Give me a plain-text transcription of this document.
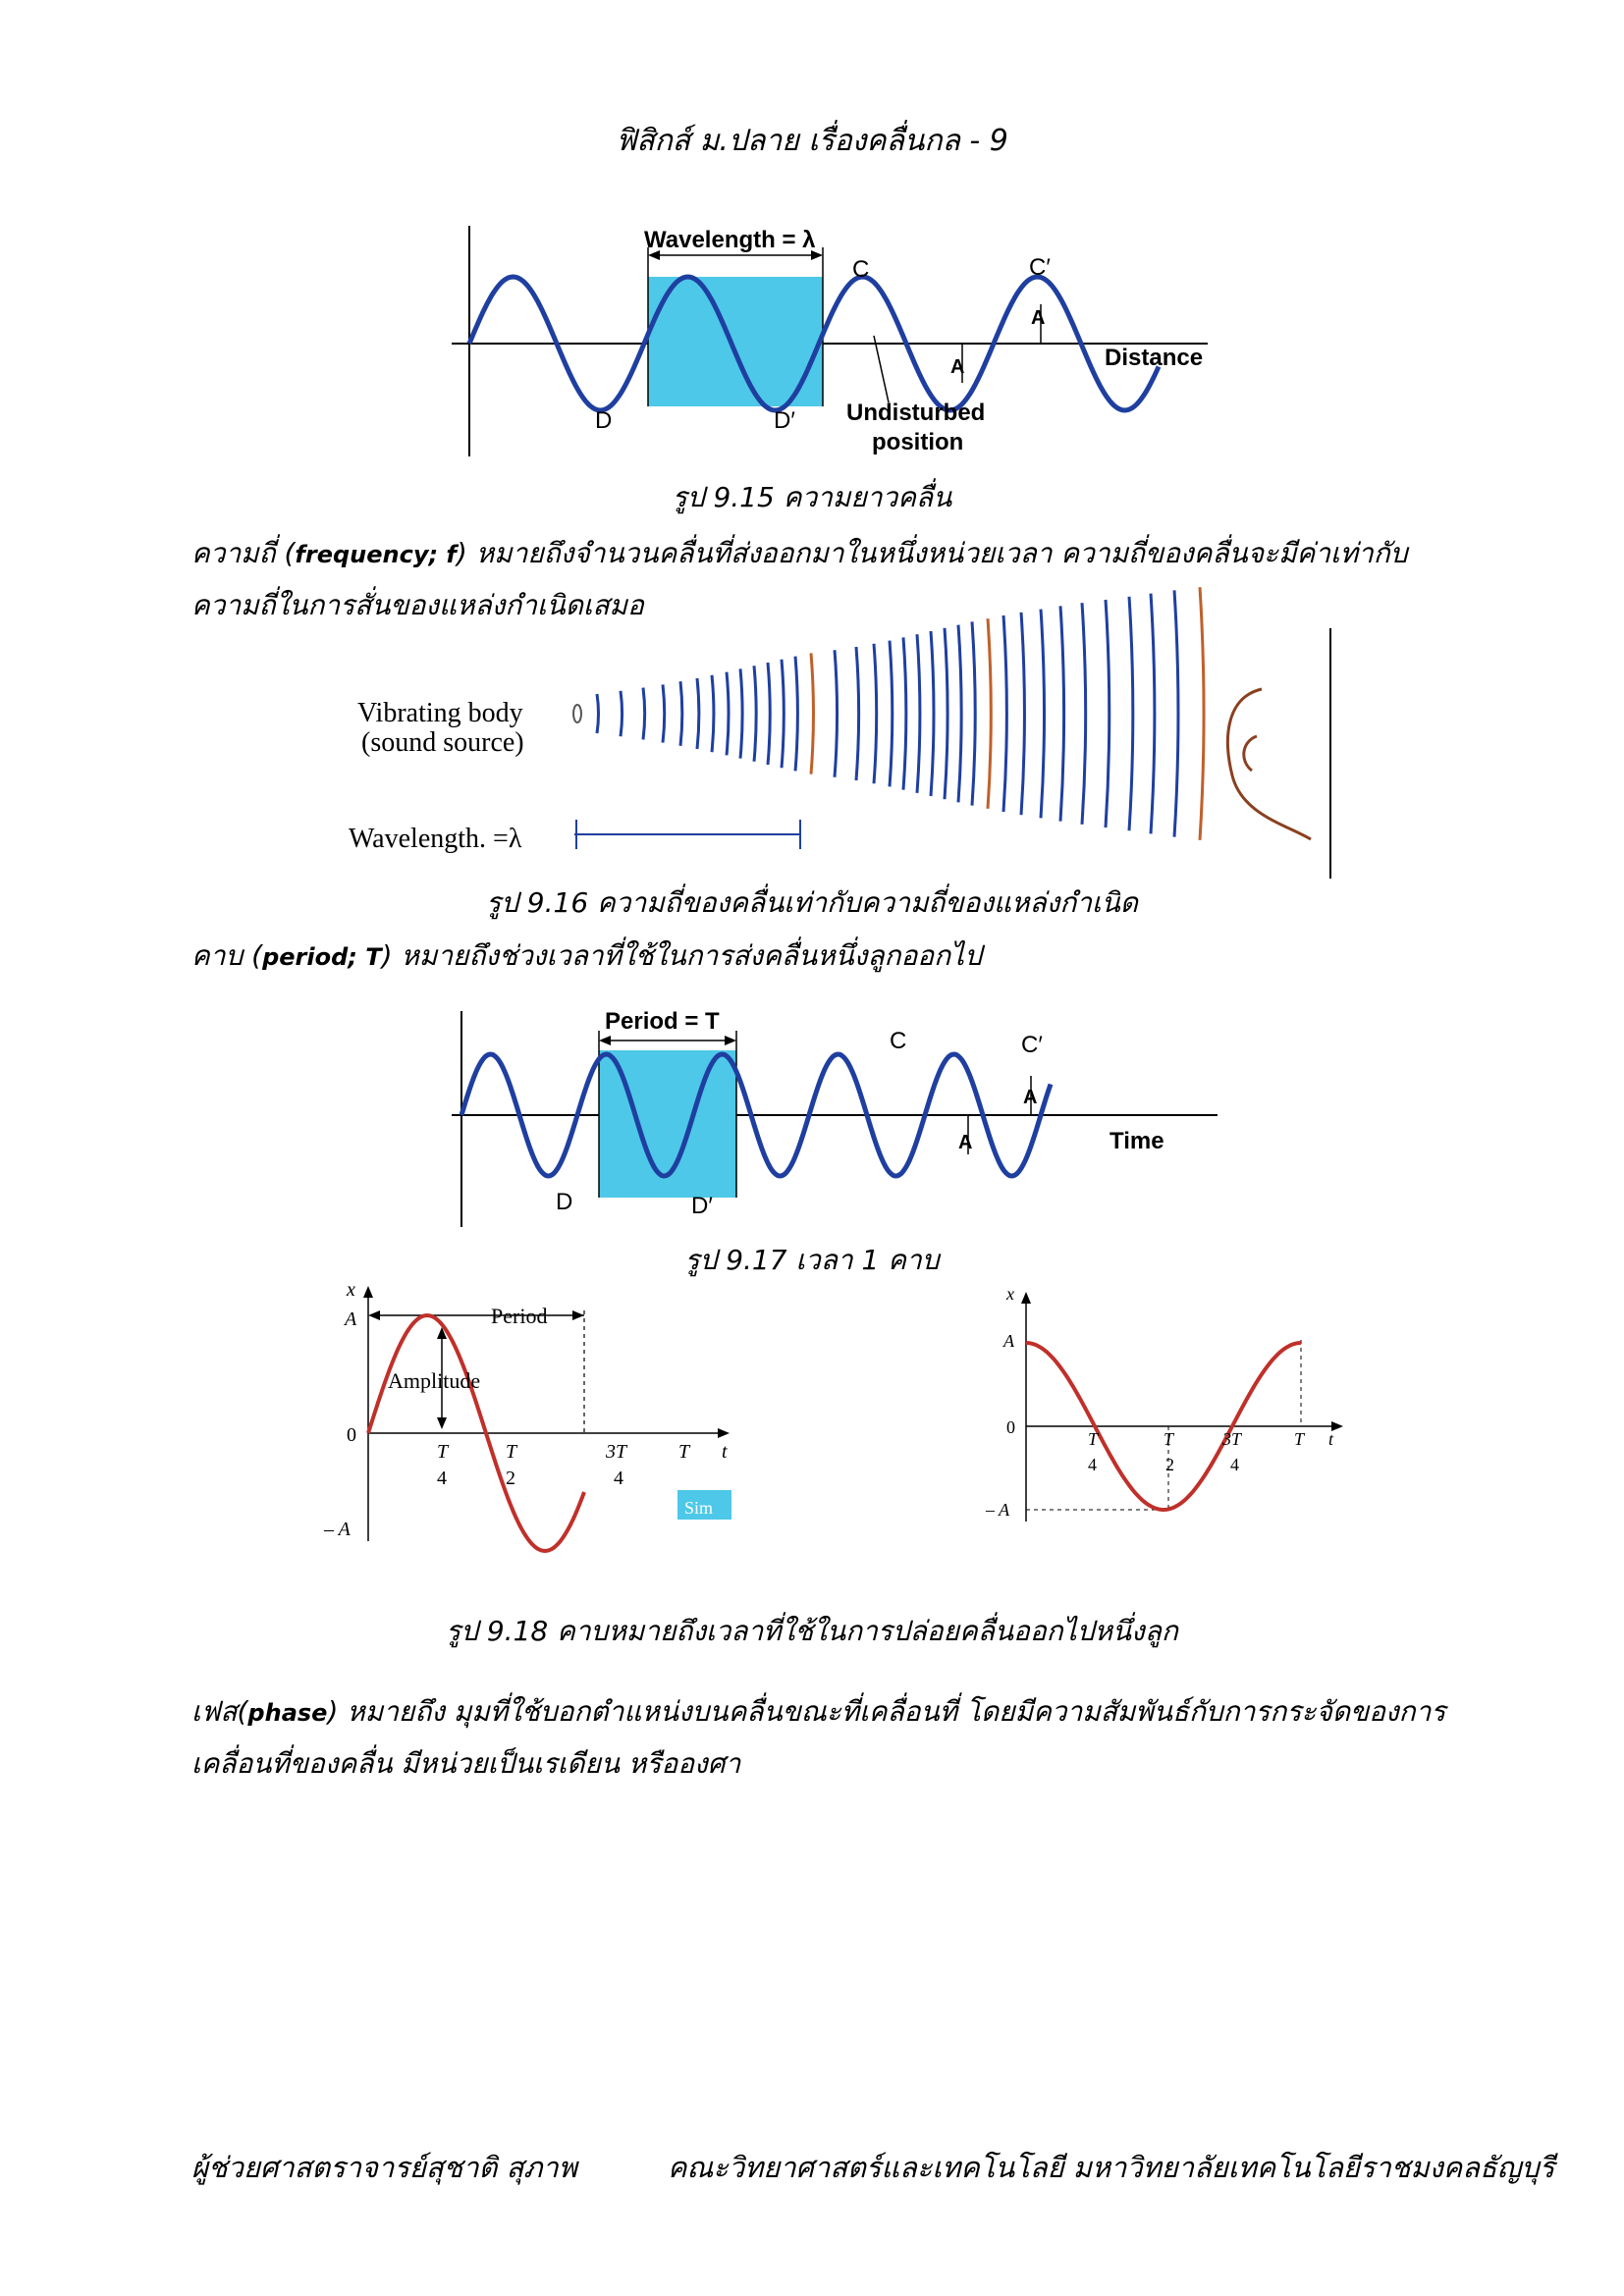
ฟิสิกส์ ม.ปลาย เรื่องคลื่นกล - 9
Wavelength = λ
C	C′
A
A
D	D′
Distance
Undisturbed
position
รูป 9.15 ความยาวคลื่น
ความถี่ (frequency; f) หมายถึงจำนวนคลื่นที่ส่งออกมาในหนึ่งหน่วยเวลา ความถี่ของคลื่นจะมีค่าเท่ากับความถี่ในการสั่นของแหล่งกำเนิดเสมอ
Vibrating body
(sound source)
Wavelength. =λ
รูป 9.16 ความถี่ของคลื่นเท่ากับความถี่ของแหล่งกำเนิด
คาบ (period; T) หมายถึงช่วงเวลาที่ใช้ในการส่งคลื่นหนึ่งลูกออกไป
Period = T
C	C′
A
A
D	D′
Time
รูป 9.17 เวลา 1 คาบ
Sim
x
A
0
– A
Period
Amplitude
T
4
T
2
3T
4
T t
x
A
0
– A
T
4
T
2
3T
4
T t
รูป 9.18 คาบหมายถึงเวลาที่ใช้ในการปล่อยคลื่นออกไปหนึ่งลูก
เฟส(phase) หมายถึง มุมที่ใช้บอกตำแหน่งบนคลื่นขณะที่เคลื่อนที่ โดยมีความสัมพันธ์กับการกระจัดของการเคลื่อนที่ของคลื่น มีหน่วยเป็นเรเดียน หรือองศา
ผู้ช่วยศาสตราจารย์สุชาติ สุภาพ	คณะวิทยาศาสตร์และเทคโนโลยี มหาวิทยาลัยเทคโนโลยีราชมงคลธัญบุรี
